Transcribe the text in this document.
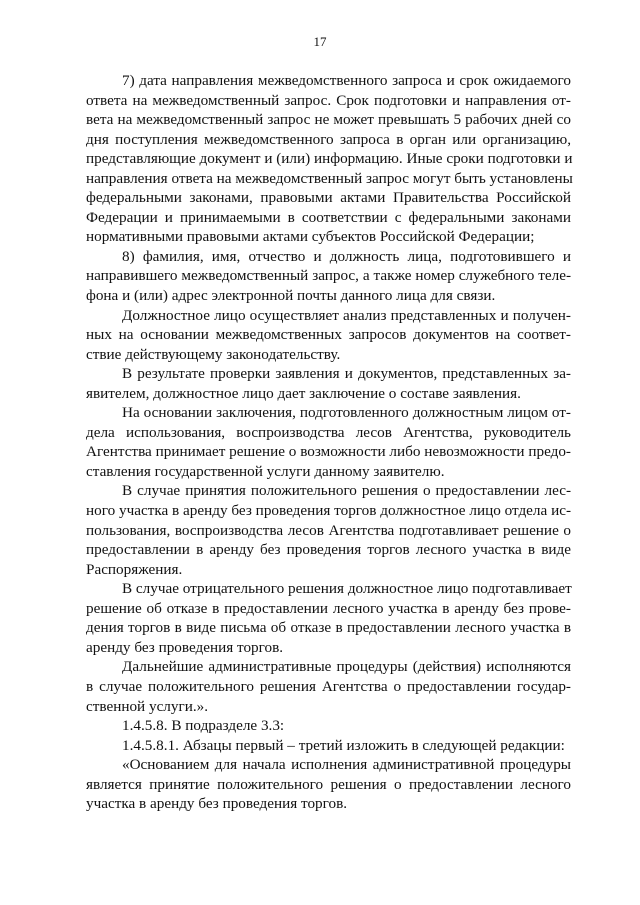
17
7) дата направления межведомственного запроса и срок ожидаемого
ответа на межведомственный запрос. Срок подготовки и направления от-
вета на межведомственный запрос не может превышать 5 рабочих дней со
дня поступления межведомственного запроса в орган или организацию,
представляющие документ и (или) информацию. Иные сроки подготовки и
направления ответа на межведомственный запрос могут быть установлены
федеральными законами, правовыми актами Правительства Российской
Федерации и принимаемыми в соответствии с федеральными законами
нормативными правовыми актами субъектов Российской Федерации;
8) фамилия, имя, отчество и должность лица, подготовившего и
направившего межведомственный запрос, а также номер служебного теле-
фона и (или) адрес электронной почты данного лица для связи.
Должностное лицо осуществляет анализ представленных и получен-
ных на основании межведомственных запросов документов на соответ-
ствие действующему законодательству.
В результате проверки заявления и документов, представленных за-
явителем, должностное лицо дает заключение о составе заявления.
На основании заключения, подготовленного должностным лицом от-
дела использования, воспроизводства лесов Агентства, руководитель
Агентства принимает решение о возможности либо невозможности предо-
ставления государственной услуги данному заявителю.
В случае принятия положительного решения о предоставлении лес-
ного участка в аренду без проведения торгов должностное лицо отдела ис-
пользования, воспроизводства лесов Агентства подготавливает решение о
предоставлении в аренду без проведения торгов лесного участка в виде
Распоряжения.
В случае отрицательного решения должностное лицо подготавливает
решение об отказе в предоставлении лесного участка в аренду без прове-
дения торгов в виде письма об отказе в предоставлении лесного участка в
аренду без проведения торгов.
Дальнейшие административные процедуры (действия) исполняются
в случае положительного решения Агентства о предоставлении государ-
ственной услуги.».
1.4.5.8. В подразделе 3.3:
1.4.5.8.1. Абзацы первый – третий изложить в следующей редакции:
«Основанием для начала исполнения административной процедуры
является принятие положительного решения о предоставлении лесного
участка в аренду без проведения торгов.
